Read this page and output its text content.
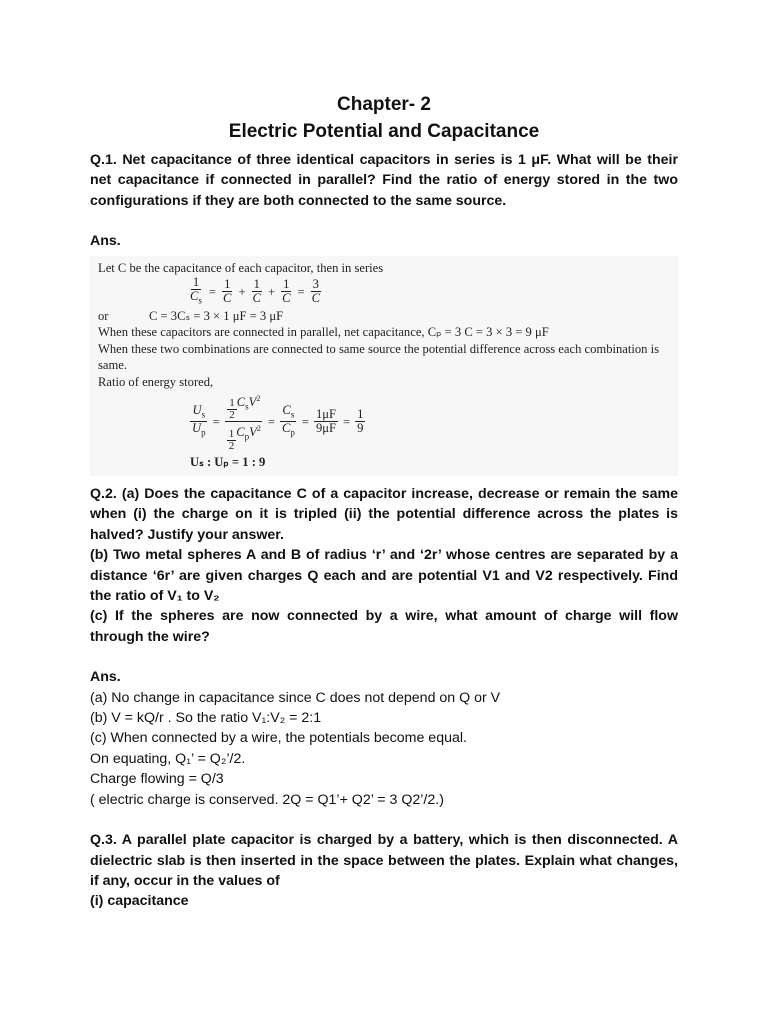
Chapter- 2

Electric Potential and Capacitance

Q.1. Net capacitance of three identical capacitors in series is 1 μF. What will be their net capacitance if connected in parallel? Find the ratio of energy stored in the two configurations if they are both connected to the same source.

Ans.

Let C be the capacitance of each capacitor, then in series

$\frac{1}{C_s} = \frac{1}{C} + \frac{1}{C} + \frac{1}{C} = \frac{3}{C}$
or	C = 3Cₛ = 3 × 1 μF = 3 μF

When these capacitors are connected in parallel, net capacitance, Cₚ = 3 C = 3 × 3 = 9 μF

When these two combinations are connected to same source the potential difference across each combination is same.

Ratio of energy stored,

$\frac{U_s}{U_p} = \frac{\frac{1}{2} C_sV^2}{\frac{1}{2} C_pV^2} = \frac{C_s}{C_p} = \frac{1\mu F}{9\mu F} = \frac{1}{9}$

Uₛ : Uₚ = 1 : 9

Q.2. (a) Does the capacitance C of a capacitor increase, decrease or remain the same when (i) the charge on it is tripled (ii) the potential difference across the plates is halved? Justify your answer.

(b) Two metal spheres A and B of radius ‘r’ and ‘2r’ whose centres are separated by a distance ‘6r’ are given charges Q each and are potential V1 and V2 respectively. Find the ratio of V₁ to V₂

(c) If the spheres are now connected by a wire, what amount of charge will flow through the wire?

Ans.

(a) No change in capacitance since C does not depend on Q or V

(b) V = kQ/r . So the ratio V₁:V₂ = 2:1

(c) When connected by a wire, the potentials become equal.

On equating, Q₁’ = Q₂’/2.

Charge flowing = Q/3

( electric charge is conserved. 2Q = Q1’+ Q2’ = 3 Q2’/2.)

Q.3. A parallel plate capacitor is charged by a battery, which is then disconnected. A dielectric slab is then inserted in the space between the plates. Explain what changes, if any, occur in the values of

(i) capacitance
